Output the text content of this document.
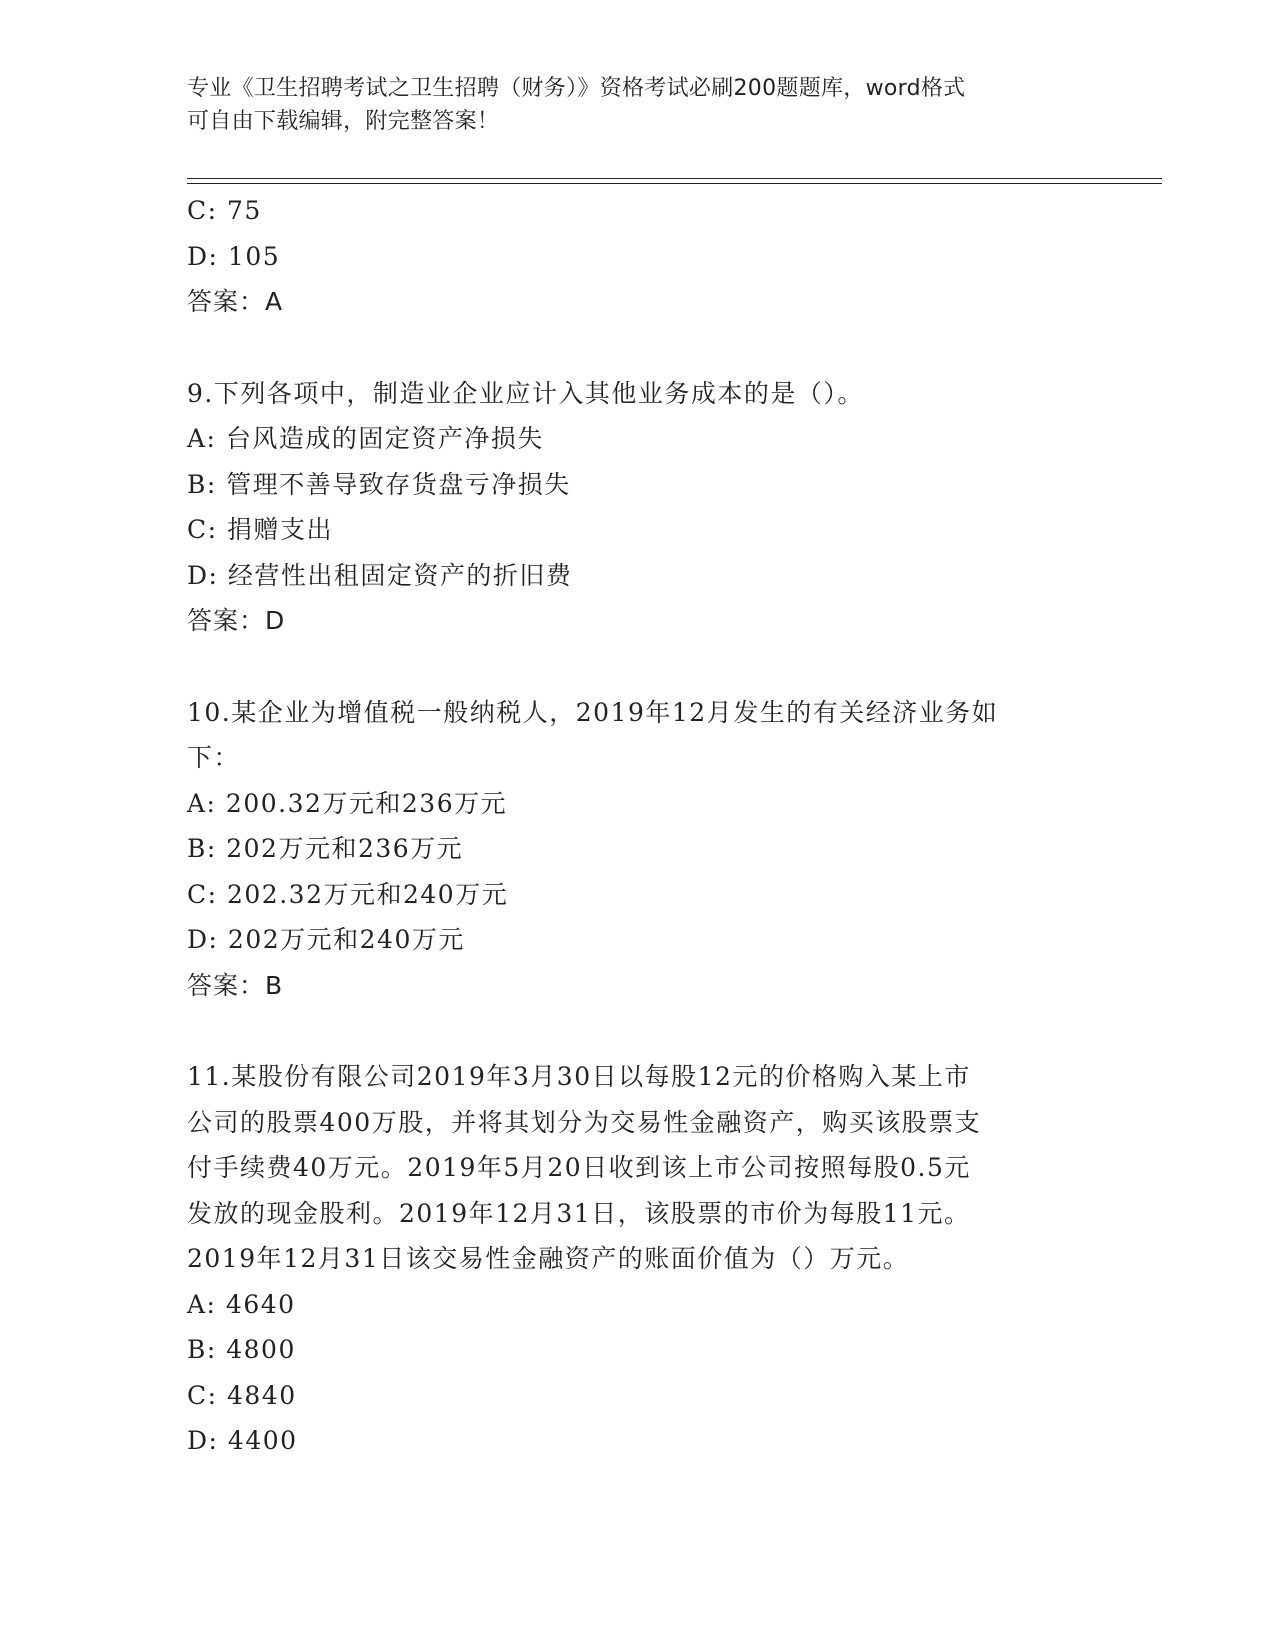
专业《卫生招聘考试之卫生招聘（财务）》资格考试必刷200题题库，word格式
可自由下载编辑，附完整答案！
C: 75
D: 105
答案：A
9.下列各项中，制造业企业应计入其他业务成本的是（）。
A: 台风造成的固定资产净损失
B: 管理不善导致存货盘亏净损失
C: 捐赠支出
D: 经营性出租固定资产的折旧费
答案：D
10.某企业为增值税一般纳税人，2019年12月发生的有关经济业务如
下：
A: 200.32万元和236万元
B: 202万元和236万元
C: 202.32万元和240万元
D: 202万元和240万元
答案：B
11.某股份有限公司2019年3月30日以每股12元的价格购入某上市
公司的股票400万股，并将其划分为交易性金融资产，购买该股票支
付手续费40万元。2019年5月20日收到该上市公司按照每股0.5元
发放的现金股利。2019年12月31日，该股票的市价为每股11元。
2019年12月31日该交易性金融资产的账面价值为（）万元。
A: 4640
B: 4800
C: 4840
D: 4400
